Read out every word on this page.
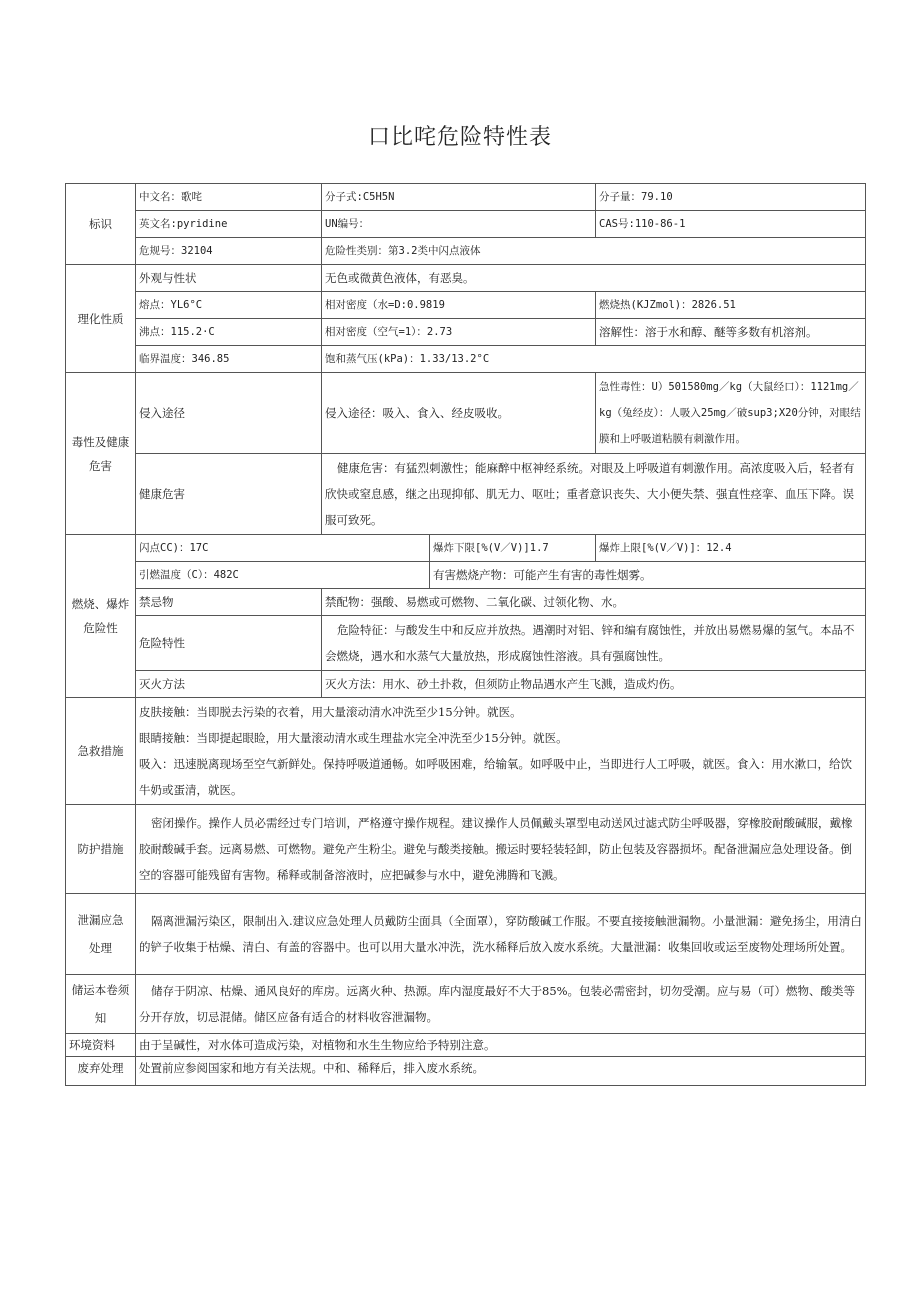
口比咤危险特性表
标识	中文名：歌咤	分子式:C5H5N		分子量：79.10
	英文名:pyridine	UN编号：		CAS号:110-86-1
	危规号：32104	危险性类别：第3.2类中闪点液体		
理化性质	外观与性状	无色或微黄色液体，有恶臭。		
	熔点：YL6°C	相对密度（水=D:0.9819		燃烧热(KJZmol)：2826.51
	沸点：115.2·C	相对密度（空气=1）：2.73		溶解性：溶于水和醇、醚等多数有机溶剂。
	临界温度：346.85	饱和蒸气压(kPa)：1.33/13.2°C		

毒性及健康
危害	侵入途径	侵入途径：吸入、食入、经皮吸收。		急性毒性：U）501580mg／kg（大鼠经口）：1121mg／kg（兔经皮）：人吸入25mg／破sup3;X20分钟，对眼结膜和上呼吸道粘膜有刺激作用。
	健康危害	健康危害：有猛烈刺激性；能麻醉中枢神经系统。对眼及上呼吸道有刺激作用。高浓度吸入后，轻者有欣快或窒息感，继之出现抑郁、肌无力、呕吐；重者意识丧失、大小便失禁、强直性痉挛、血压下降。误服可致死。		

燃烧、爆炸
危险性	闪点CC)：17C		爆炸下限[%(V／V)]1.7	爆炸上限[%(V／V)]：12.4
	引燃温度（C）：482C		有害燃烧产物：可能产生有害的毒性烟雾。	
	禁忌物	禁配物：强酸、易燃或可燃物、二氧化碳、过领化物、水。		
	危险特性	危险特征：与酸发生中和反应并放热。遇潮时对铝、锌和编有腐蚀性，并放出易燃易爆的氢气。本品不会燃烧，遇水和水蒸气大量放热，形成腐蚀性溶液。具有强腐蚀性。		
	灭火方法	灭火方法：用水、砂土扑救，但须防止物品遇水产生飞溅，造成灼伤。		
急救措施	皮肤接触：当即脱去污染的衣着，用大量滚动清水冲洗至少15分钟。就医。
眼睛接触：当即提起眼睑，用大量滚动清水或生理盐水完全冲洗至少15分钟。就医。
吸入：迅速脱离现场至空气新鲜处。保持呼吸道通畅。如呼吸困难，给输氧。如呼吸中止，当即进行人工呼吸，就医。食入：用水漱口，给饮牛奶或蛋清，就医。			

防护措施	密闭操作。操作人员必需经过专门培训，严格遵守操作规程。建议操作人员佩戴头罩型电动送风过滤式防尘呼吸器，穿橡胶耐酸碱服，戴橡胶耐酸碱手套。远离易燃、可燃物。避免产生粉尘。避免与酸类接触。搬运时要轻装轻卸，防止包装及容器损坏。配备泄漏应急处理设备。倒空的容器可能残留有害物。稀释或制备溶液时，应把碱参与水中，避免沸腾和飞溅。			

泄漏应急
处理	隔离泄漏污染区，限制出入.建议应急处理人员戴防尘面具（全面罩），穿防酸碱工作服。不要直接接触泄漏物。小量泄漏：避免扬尘，用清白的铲子收集于枯燥、清白、有盖的容器中。也可以用大量水冲洗，洗水稀释后放入废水系统。大量泄漏：收集回收或运至废物处理场所处置。			

储运本卷须
知	储存于阴凉、枯燥、通风良好的库房。远离火种、热源。库内湿度最好不大于85%。包装必需密封，切勿受潮。应与易（可）燃物、酸类等分开存放，切忌混储。储区应备有适合的材料收容泄漏物。			
环境资料	由于呈碱性，对水体可造成污染，对植物和水生生物应给予特别注意。			
废弃处理	处置前应参阅国家和地方有关法规。中和、稀释后，排入废水系统。			
